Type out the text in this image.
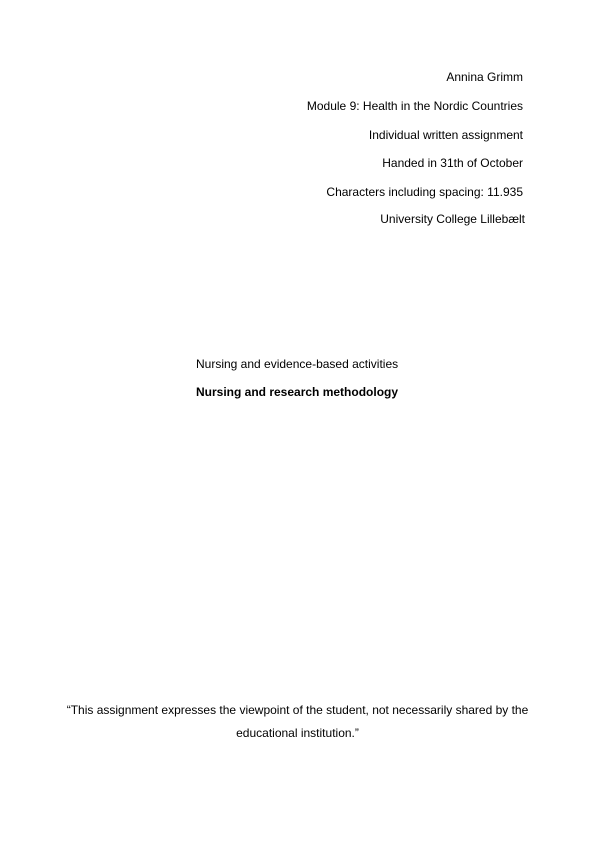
Annina Grimm
Module 9: Health in the Nordic Countries
Individual written assignment
Handed in 31th of October
Characters including spacing: 11.935
University College Lillebælt
Nursing and evidence-based activities
Nursing and research methodology
“This assignment expresses the viewpoint of the student, not necessarily shared by the educational institution.”
